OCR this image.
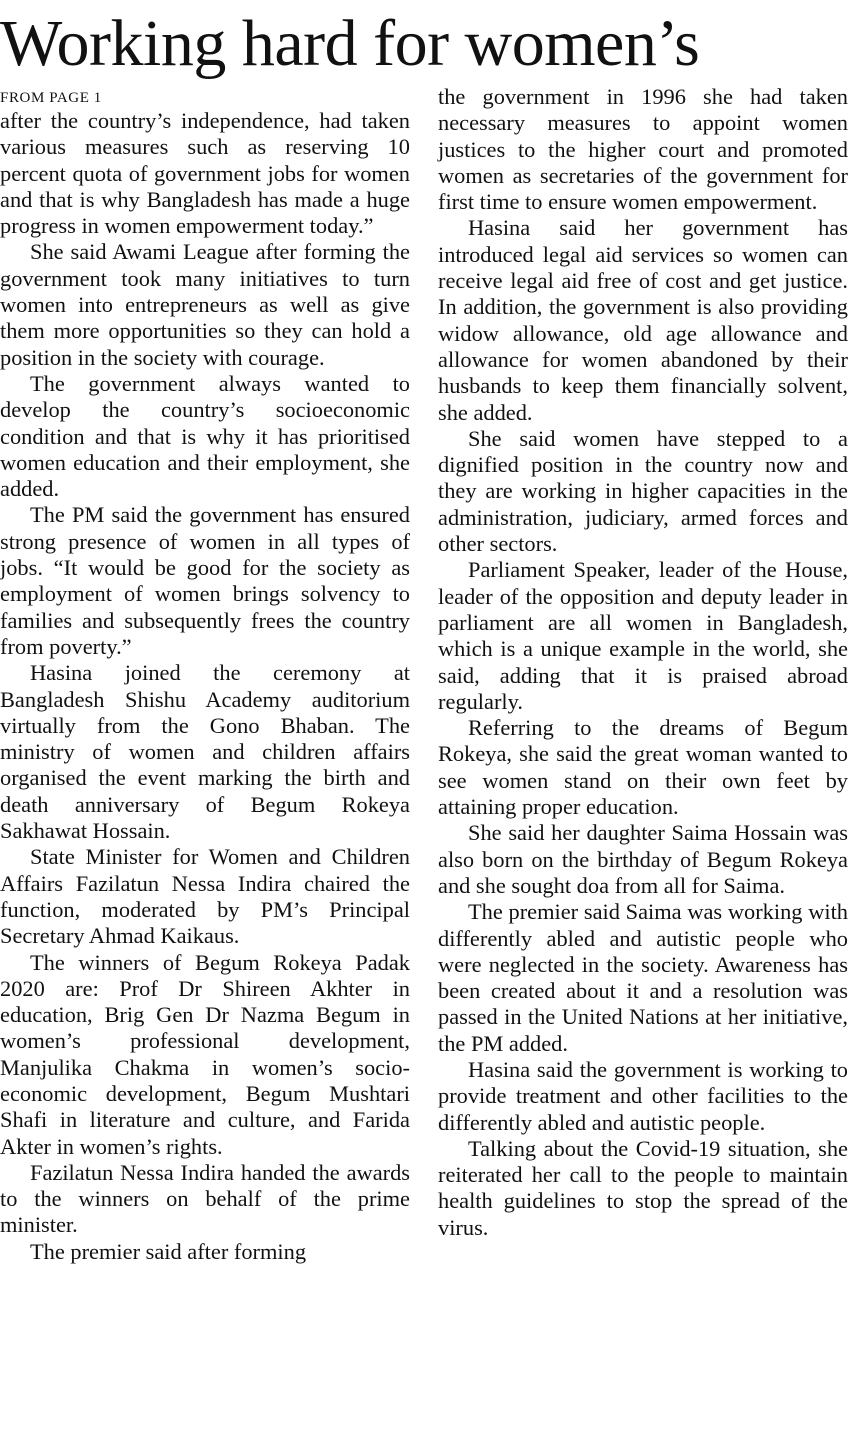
Working hard for women’s
FROM PAGE 1

after the country’s independence, had taken various measures such as reserving 10 percent quota of government jobs for women and that is why Bangladesh has made a huge progress in women empowerment today.”

She said Awami League after forming the government took many initiatives to turn women into entrepreneurs as well as give them more opportunities so they can hold a position in the society with courage.

The government always wanted to develop the country’s socioeconomic condition and that is why it has prioritised women education and their employment, she added.

The PM said the government has ensured strong presence of women in all types of jobs. “It would be good for the society as employment of women brings solvency to families and subsequently frees the country from poverty.”

Hasina joined the ceremony at Bangladesh Shishu Academy auditorium virtually from the Gono Bhaban. The ministry of women and children affairs organised the event marking the birth and death anniversary of Begum Rokeya Sakhawat Hossain.

State Minister for Women and Children Affairs Fazilatun Nessa Indira chaired the function, moderated by PM’s Principal Secretary Ahmad Kaikaus.

The winners of Begum Rokeya Padak 2020 are: Prof Dr Shireen Akhter in education, Brig Gen Dr Nazma Begum in women’s professional development, Manjulika Chakma in women’s socio-economic development, Begum Mushtari Shafi in literature and culture, and Farida Akter in women’s rights.

Fazilatun Nessa Indira handed the awards to the winners on behalf of the prime minister.

The premier said after forming

the government in 1996 she had taken necessary measures to appoint women justices to the higher court and promoted women as secretaries of the government for first time to ensure women empowerment.

Hasina said her government has introduced legal aid services so women can receive legal aid free of cost and get justice. In addition, the government is also providing widow allowance, old age allowance and allowance for women abandoned by their husbands to keep them financially solvent, she added.

She said women have stepped to a dignified position in the country now and they are working in higher capacities in the administration, judiciary, armed forces and other sectors.

Parliament Speaker, leader of the House, leader of the opposition and deputy leader in parliament are all women in Bangladesh, which is a unique example in the world, she said, adding that it is praised abroad regularly.

Referring to the dreams of Begum Rokeya, she said the great woman wanted to see women stand on their own feet by attaining proper education.

She said her daughter Saima Hossain was also born on the birthday of Begum Rokeya and she sought doa from all for Saima.

The premier said Saima was working with differently abled and autistic people who were neglected in the society. Awareness has been created about it and a resolution was passed in the United Nations at her initiative, the PM added.

Hasina said the government is working to provide treatment and other facilities to the differently abled and autistic people.

Talking about the Covid-19 situation, she reiterated her call to the people to maintain health guidelines to stop the spread of the virus.
